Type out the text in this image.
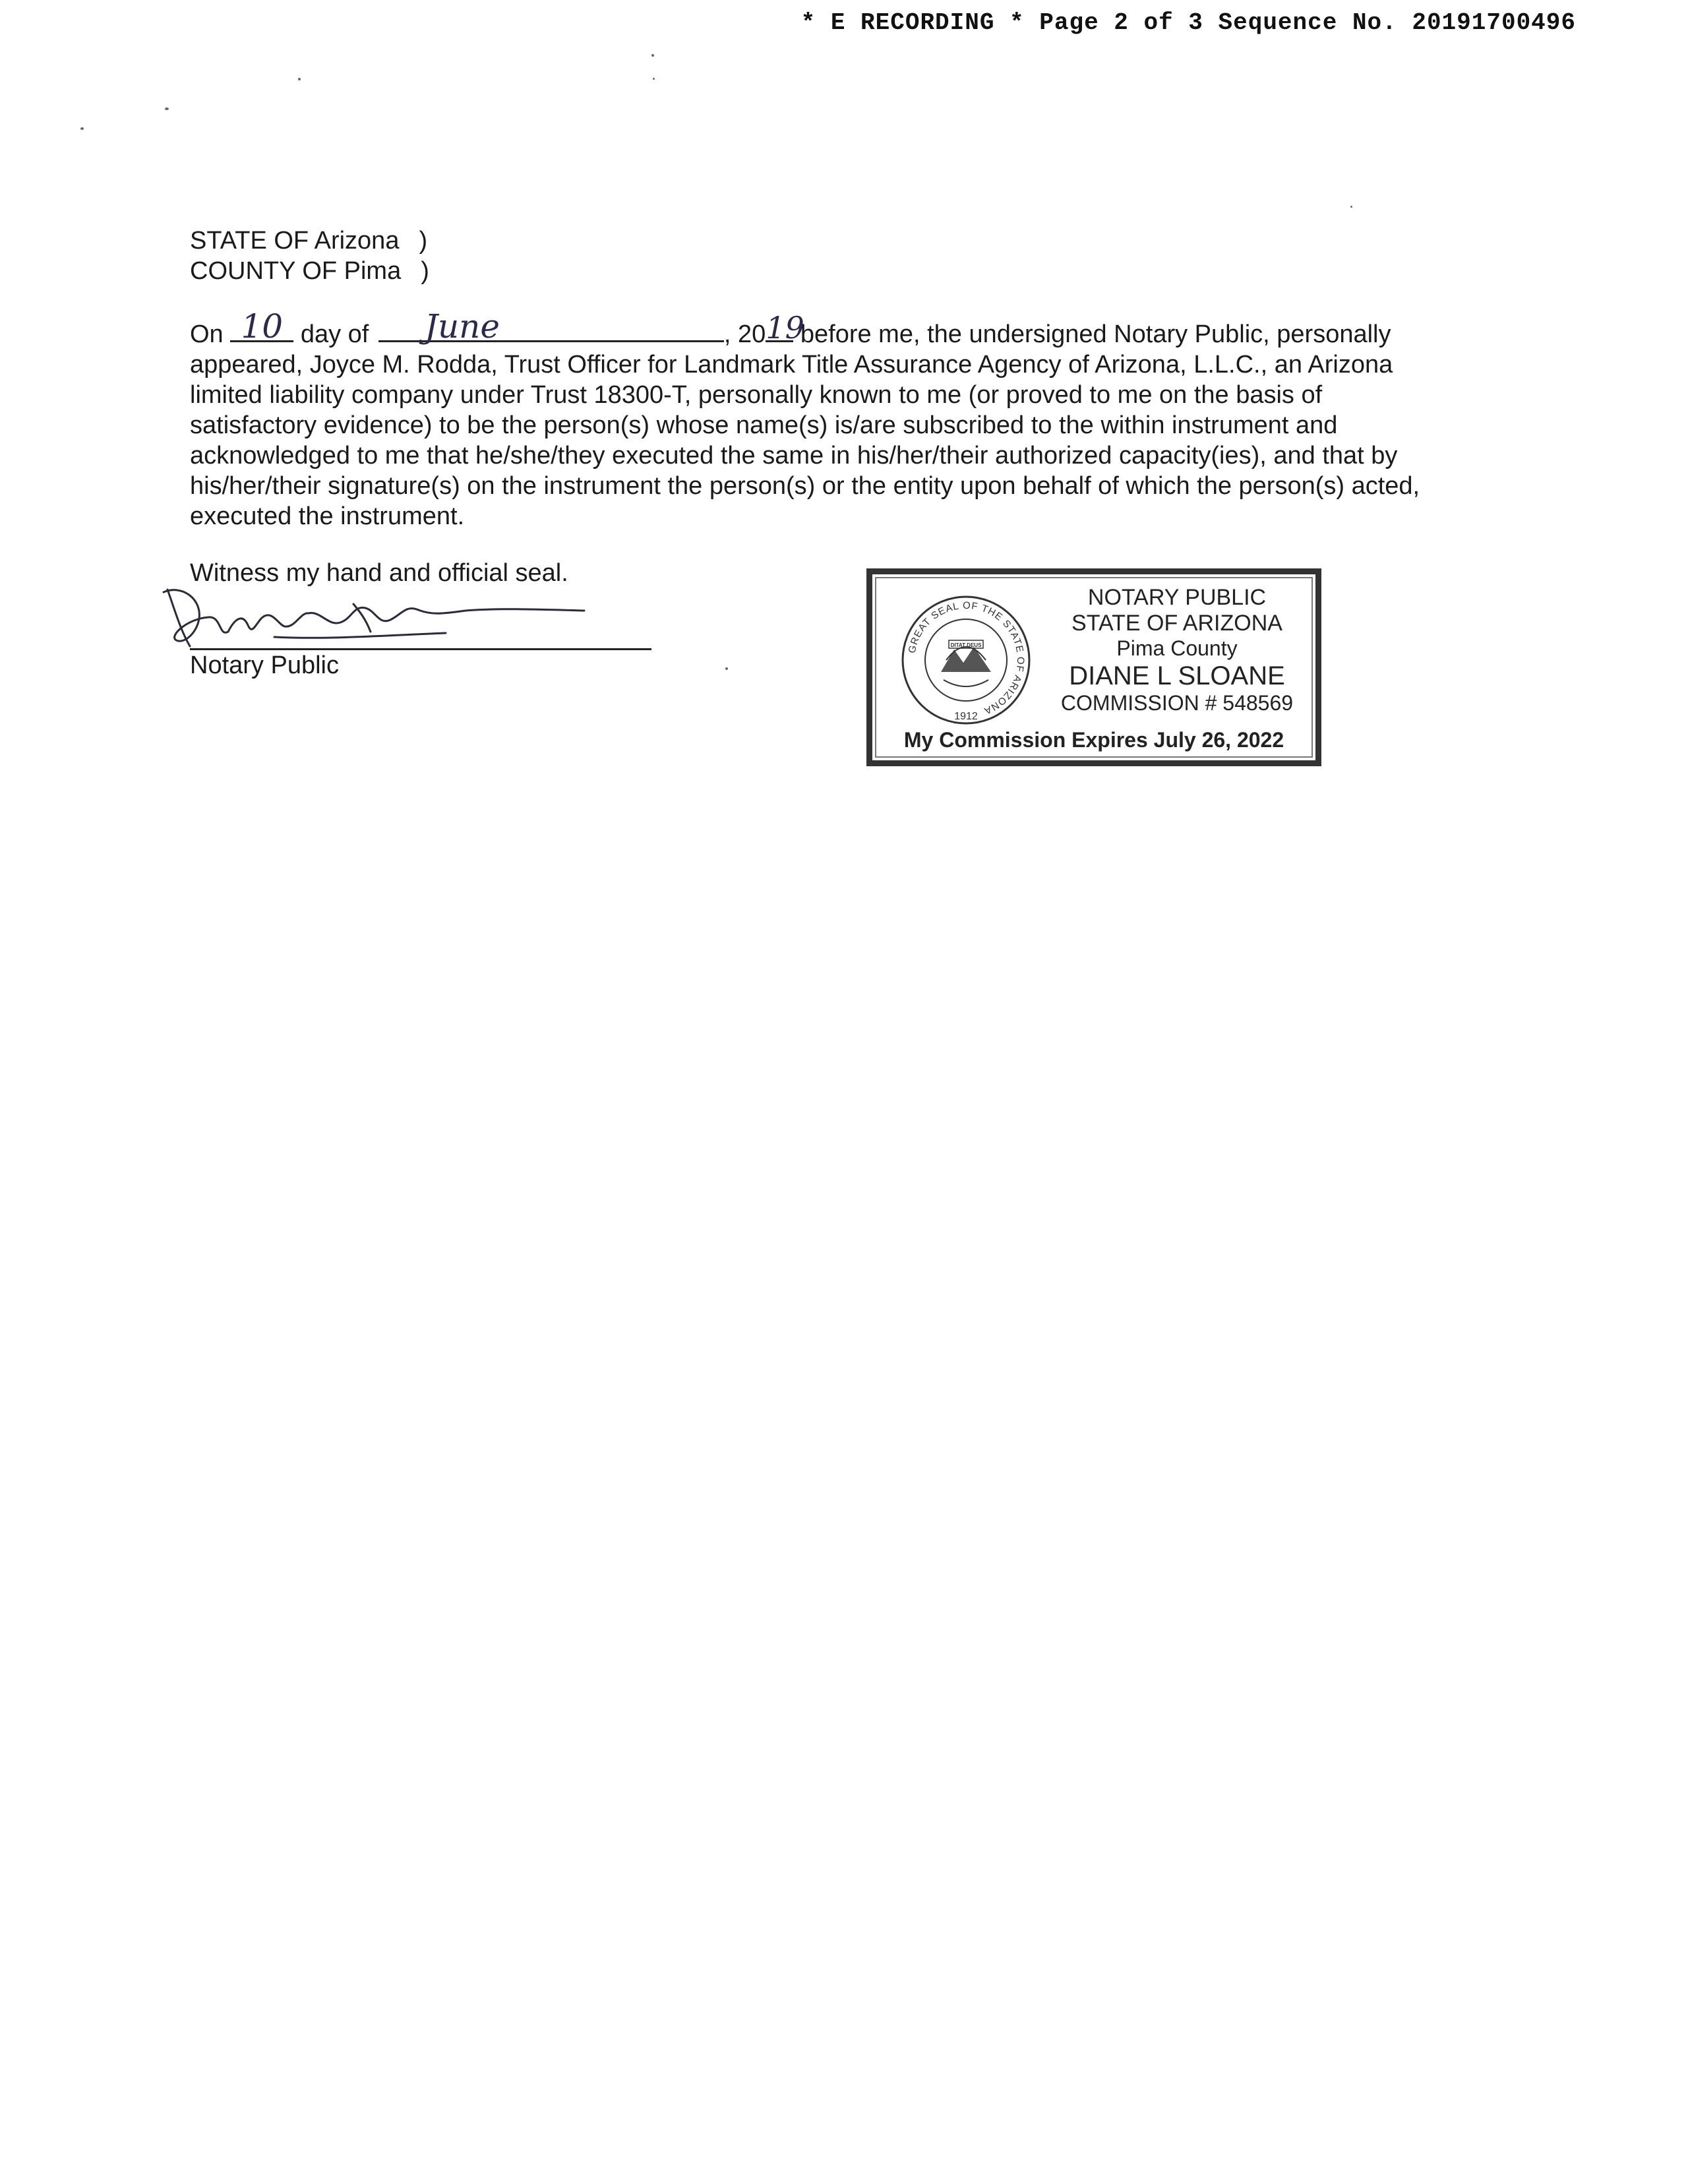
* E RECORDING * Page 2 of 3 Sequence No. 20191700496
STATE OF Arizona )
COUNTY OF Pima )
On 10 day of	June	, 20 19
before me, the undersigned Notary Public, personally
appeared, Joyce M. Rodda, Trust Officer for Landmark Title Assurance Agency of Arizona, L.L.C., an Arizona
limited liability company under Trust 18300-T, personally known to me (or proved to me on the basis of
satisfactory evidence) to be the person(s) whose name(s) is/are subscribed to the within instrument and
acknowledged to me that he/she/they executed the same in his/her/their authorized capacity(ies), and that by
his/her/their signature(s) on the instrument the person(s) or the entity upon behalf of which the person(s) acted,
executed the instrument.
Witness my hand and official seal.
Notary Public
GREAT SEAL OF THE STATE OF ARIZONA
DITAT DEUS
1912
NOTARY PUBLIC
STATE OF ARIZONA
Pima County
DIANE L SLOANE
COMMISSION # 548569
My Commission Expires July 26, 2022
